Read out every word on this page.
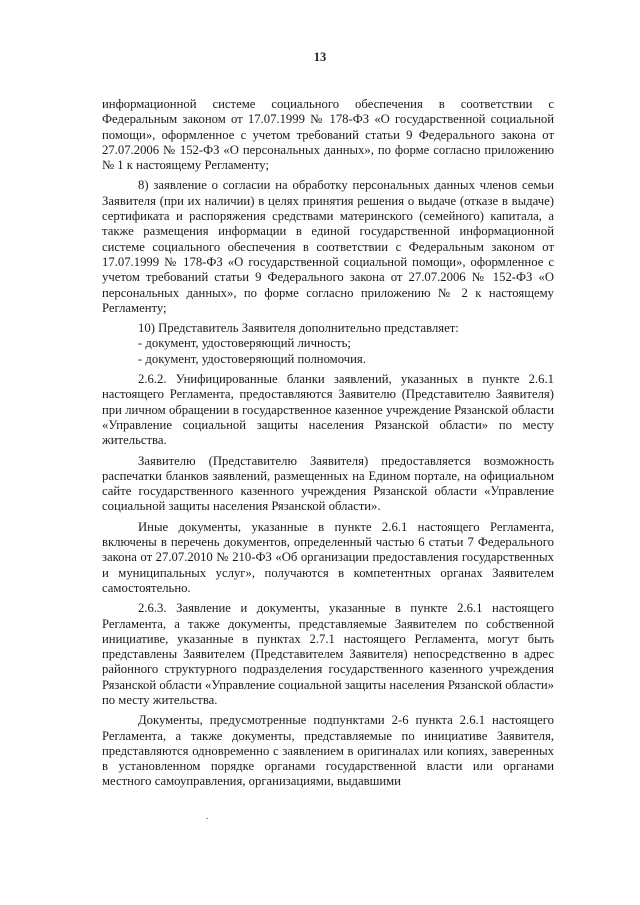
13

информационной системе социального обеспечения в соответствии с Федеральным законом от 17.07.1999 № 178-ФЗ «О государственной социальной помощи», оформленное с учетом требований статьи 9 Федерального закона от 27.07.2006 № 152-ФЗ «О персональных данных», по форме согласно приложению № 1 к настоящему Регламенту;

8) заявление о согласии на обработку персональных данных членов семьи Заявителя (при их наличии) в целях принятия решения о выдаче (отказе в выдаче) сертификата и распоряжения средствами материнского (семейного) капитала, а также размещения информации в единой государственной информационной системе социального обеспечения в соответствии с Федеральным законом от 17.07.1999 № 178-ФЗ «О государственной социальной помощи», оформленное с учетом требований статьи 9 Федерального закона от 27.07.2006 № 152-ФЗ «О персональных данных», по форме согласно приложению № 2 к настоящему Регламенту;

10) Представитель Заявителя дополнительно представляет:

- документ, удостоверяющий личность;

- документ, удостоверяющий полномочия.

2.6.2. Унифицированные бланки заявлений, указанных в пункте 2.6.1 настоящего Регламента, предоставляются Заявителю (Представителю Заявителя) при личном обращении в государственное казенное учреждение Рязанской области «Управление социальной защиты населения Рязанской области» по месту жительства.

Заявителю (Представителю Заявителя) предоставляется возможность распечатки бланков заявлений, размещенных на Едином портале, на официальном сайте государственного казенного учреждения Рязанской области «Управление социальной защиты населения Рязанской области».

Иные документы, указанные в пункте 2.6.1 настоящего Регламента, включены в перечень документов, определенный частью 6 статьи 7 Федерального закона от 27.07.2010 № 210-ФЗ «Об организации предоставления государственных и муниципальных услуг», получаются в компетентных органах Заявителем самостоятельно.

2.6.3. Заявление и документы, указанные в пункте 2.6.1 настоящего Регламента, а также документы, представляемые Заявителем по собственной инициативе, указанные в пунктах 2.7.1 настоящего Регламента, могут быть представлены Заявителем (Представителем Заявителя) непосредственно в адрес районного структурного подразделения государственного казенного учреждения Рязанской области «Управление социальной защиты населения Рязанской области» по месту жительства.

Документы, предусмотренные подпунктами 2-6 пункта 2.6.1 настоящего Регламента, а также документы, представляемые по инициативе Заявителя, представляются одновременно с заявлением в оригиналах или копиях, заверенных в установленном порядке органами государственной власти или органами местного самоуправления, организациями, выдавшими
